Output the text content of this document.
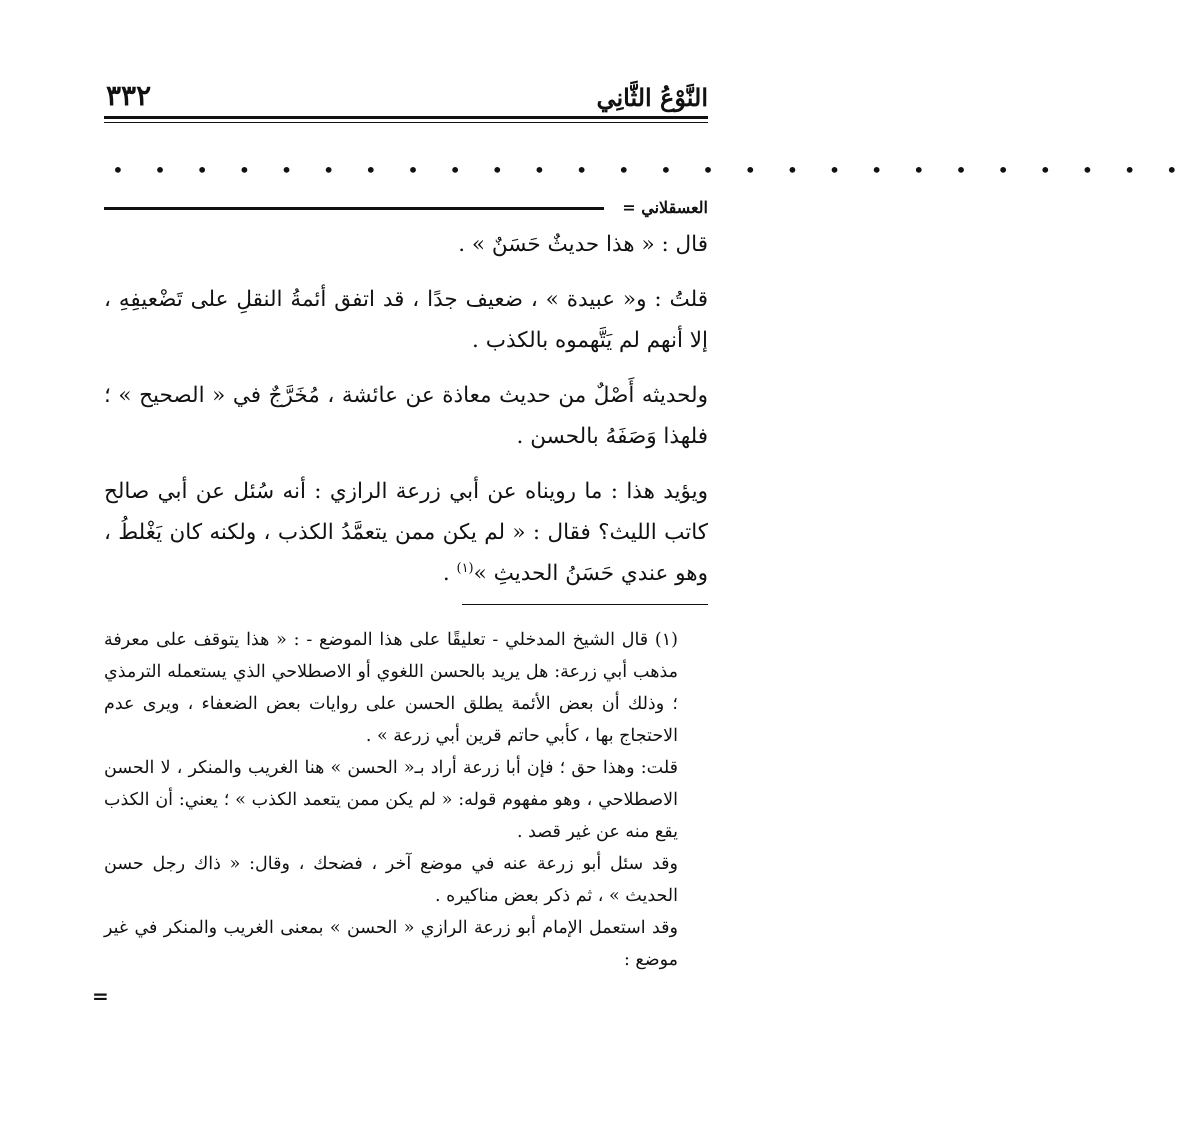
٣٣٢	النَّوْعُ الثَّانِي
• • • • • • • • • • • • • • • • • • • • • • • • • •
العسقلاني =

قال : « هذا حديثٌ حَسَنٌ » .

قلتُ : و« عبيدة » ، ضعيف جدًا ، قد اتفق أئمةُ النقلِ على تَضْعيفِهِ ، إلا أنهم لم يَتَّهموه بالكذب .

ولحديثه أَصْلٌ من حديث معاذة عن عائشة ، مُخَرَّجٌ في « الصحيح » ؛ فلهذا وَصَفَهُ بالحسن .

ويؤيد هذا : ما رويناه عن أبي زرعة الرازي : أنه سُئل عن أبي صالح كاتب الليث؟ فقال : « لم يكن ممن يتعمَّدُ الكذب ، ولكنه كان يَغْلطُ ، وهو عندي حَسَنُ الحديثِ »$^{(١)}$ .

(١) قال الشيخ المدخلي - تعليقًا على هذا الموضع - : « هذا يتوقف على معرفة مذهب أبي زرعة: هل يريد بالحسن اللغوي أو الاصطلاحي الذي يستعمله الترمذي ؛ وذلك أن بعض الأئمة يطلق الحسن على روايات بعض الضعفاء ، ويرى عدم الاحتجاج بها ، كأبي حاتم قرين أبي زرعة » .

قلت: وهذا حق ؛ فإن أبا زرعة أراد بـ« الحسن » هنا الغريب والمنكر ، لا الحسن الاصطلاحي ، وهو مفهوم قوله: « لم يكن ممن يتعمد الكذب » ؛ يعني: أن الكذب يقع منه عن غير قصد .

وقد سئل أبو زرعة عنه في موضع آخر ، فضحك ، وقال: « ذاك رجل حسن الحديث » ، ثم ذكر بعض مناكيره .

وقد استعمل الإمام أبو زرعة الرازي « الحسن » بمعنى الغريب والمنكر في غير موضع :

=
